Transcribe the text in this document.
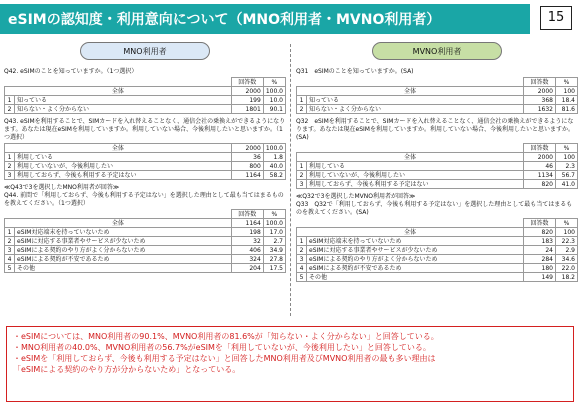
eSIMの認知度・利用意向について（MNO利用者・MVNO利用者）	15
MNO利用者
Q42. eSIMのことを知っていますか。（1つ選択）
		回答数	%
全体		2000	100.0
1	知っている	199	10.0
2	知らない・よく分からない	1801	90.1
Q43. eSIMを利用することで、SIMカードを入れ替えることなく、通信会社の乗換えができるようになります。あなたは現在eSIMを利用していますか。利用していない場合、今後利用したいと思いますか。（1つ選択）
全体		2000	100.0
1	利用している	36	1.8
2	利用していないが、今後利用したい	800	40.0
3	利用しておらず、今後も利用する予定はない	1164	58.2
≪Q43で3を選択したMNO利用者が回答≫
Q44. 前問で「利用しておらず、今後も利用する予定はない」を選択した理由として最も当てはまるものを教えてください。（1つ選択）
		回答数	%
全体		1164	100.0
1	eSIM対応端末を持っていないため	198	17.0
2	eSIMに対応する事業者やサービスが少ないため	32	2.7
3	eSIMによる契約のやり方がよく分からないため	406	34.9
4	eSIMによる契約が不安であるため	324	27.8
5	その他	204	17.5
MVNO利用者
Q31　eSIMのことを知っていますか。(SA)
		回答数	%
全体		2000	100
1	知っている	368	18.4
2	知らない・よく分からない	1632	81.6
Q32　eSIMを利用することで、SIMカードを入れ替えることなく、通信会社の乗換えができるようになります。あなたは現在eSIMを利用していますか。利用していない場合、今後利用したいと思いますか。(SA)
		回答数	%
全体		2000	100
1	利用している	46	2.3
2	利用していないが、今後利用したい	1134	56.7
3	利用しておらず、今後も利用する予定はない	820	41.0
≪Q32で3を選択したMVNO利用者が回答≫
Q33　Q32で「利用しておらず、今後も利用する予定はない」を選択した理由として最も当てはまるものを教えてください。(SA)
		回答数	%
全体		820	100
1	eSIM対応端末を持っていないため	183	22.3
2	eSIMに対応する事業者やサービスが少ないため	24	2.9
3	eSIMによる契約のやり方がよく分からないため	284	34.6
4	eSIMによる契約が不安であるため	180	22.0
5	その他	149	18.2

・eSIMについては、MNO利用者の90.1%、MVNO利用者の81.6%が「知らない・よく分からない」と回答している。

・MNO利用者の40.0%、MVNO利用者の56.7%がeSIMを「利用していないが、今後利用したい」と回答している。

・eSIMを「利用しておらず、今後も利用する予定はない」と回答したMNO利用者及びMVNO利用者の最も多い理由は

「eSIMによる契約のやり方が分からないため」となっている。
